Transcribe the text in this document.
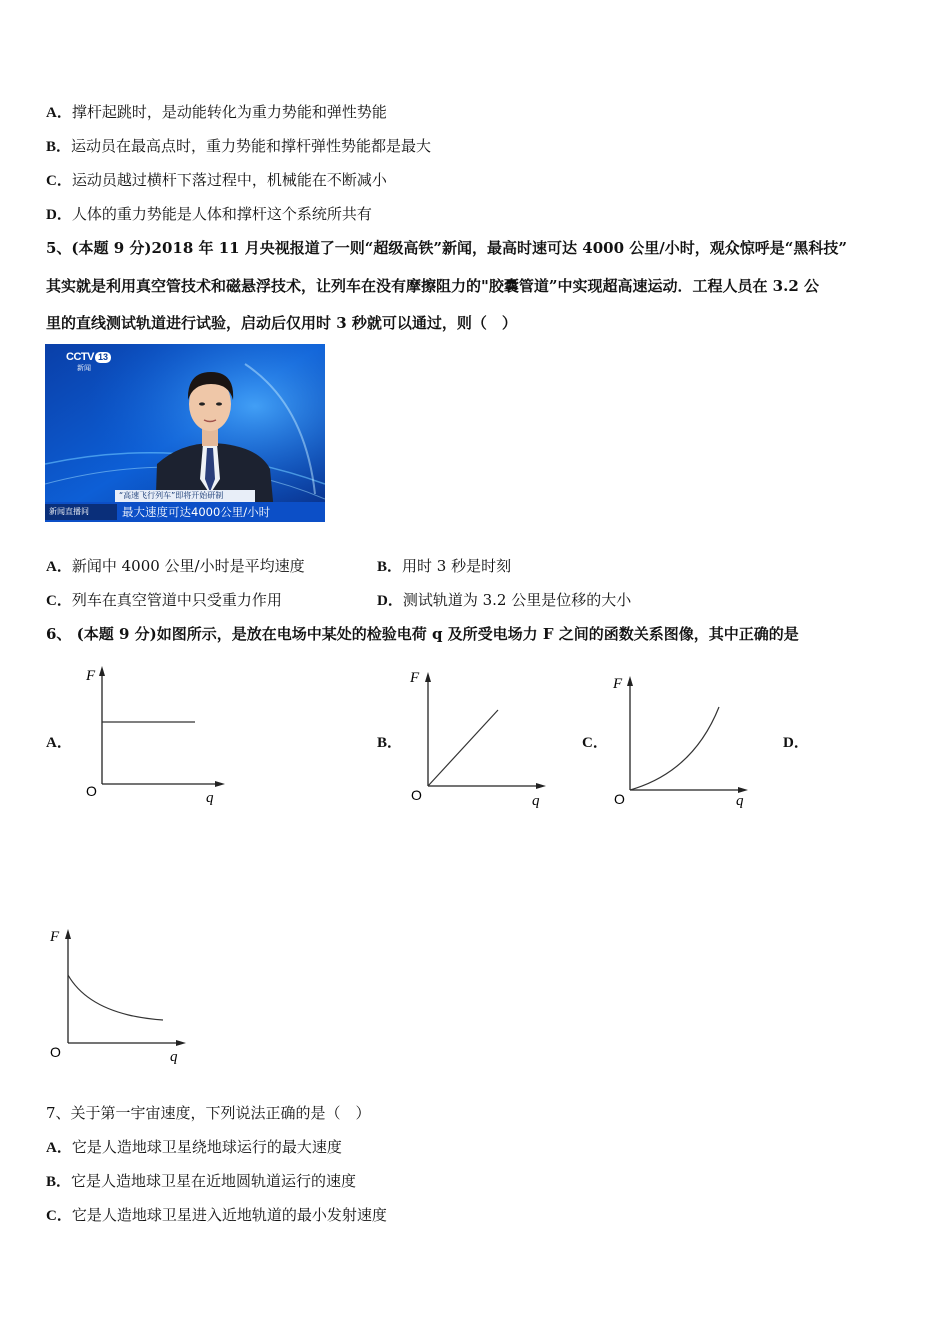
A．撑杆起跳时，是动能转化为重力势能和弹性势能
B．运动员在最高点时，重力势能和撑杆弹性势能都是最大
C．运动员越过横杆下落过程中，机械能在不断减小
D．人体的重力势能是人体和撑杆这个系统所共有
5、(本题 9 分)2018 年 11 月央视报道了一则“超级高铁”新闻，最高时速可达 4000 公里/小时，观众惊呼是“黑科技”
其实就是利用真空管技术和磁悬浮技术，让列车在没有摩擦阻力的"胶囊管道”中实现超高速运动．工程人员在 3.2 公
里的直线测试轨道进行试验，启动后仅用时 3 秒就可以通过，则（　）
CCTV 13
新闻
“高速飞行列车”即将开始研制
新闻直播间	最大速度可达4000公里/小时
A．新闻中 4000 公里/小时是平均速度	B．用时 3 秒是时刻
C．列车在真空管道中只受重力作用	D．测试轨道为 3.2 公里是位移的大小
6、 (本题 9 分)如图所示，是放在电场中某处的检验电荷 q 及所受电场力 F 之间的函数关系图像，其中正确的是
A．	B．	C．	D．
F
O	q
F
O	q
F
O	q
F
O	q
7、关于第一宇宙速度，下列说法正确的是（　）
A．它是人造地球卫星绕地球运行的最大速度
B．它是人造地球卫星在近地圆轨道运行的速度
C．它是人造地球卫星进入近地轨道的最小发射速度
